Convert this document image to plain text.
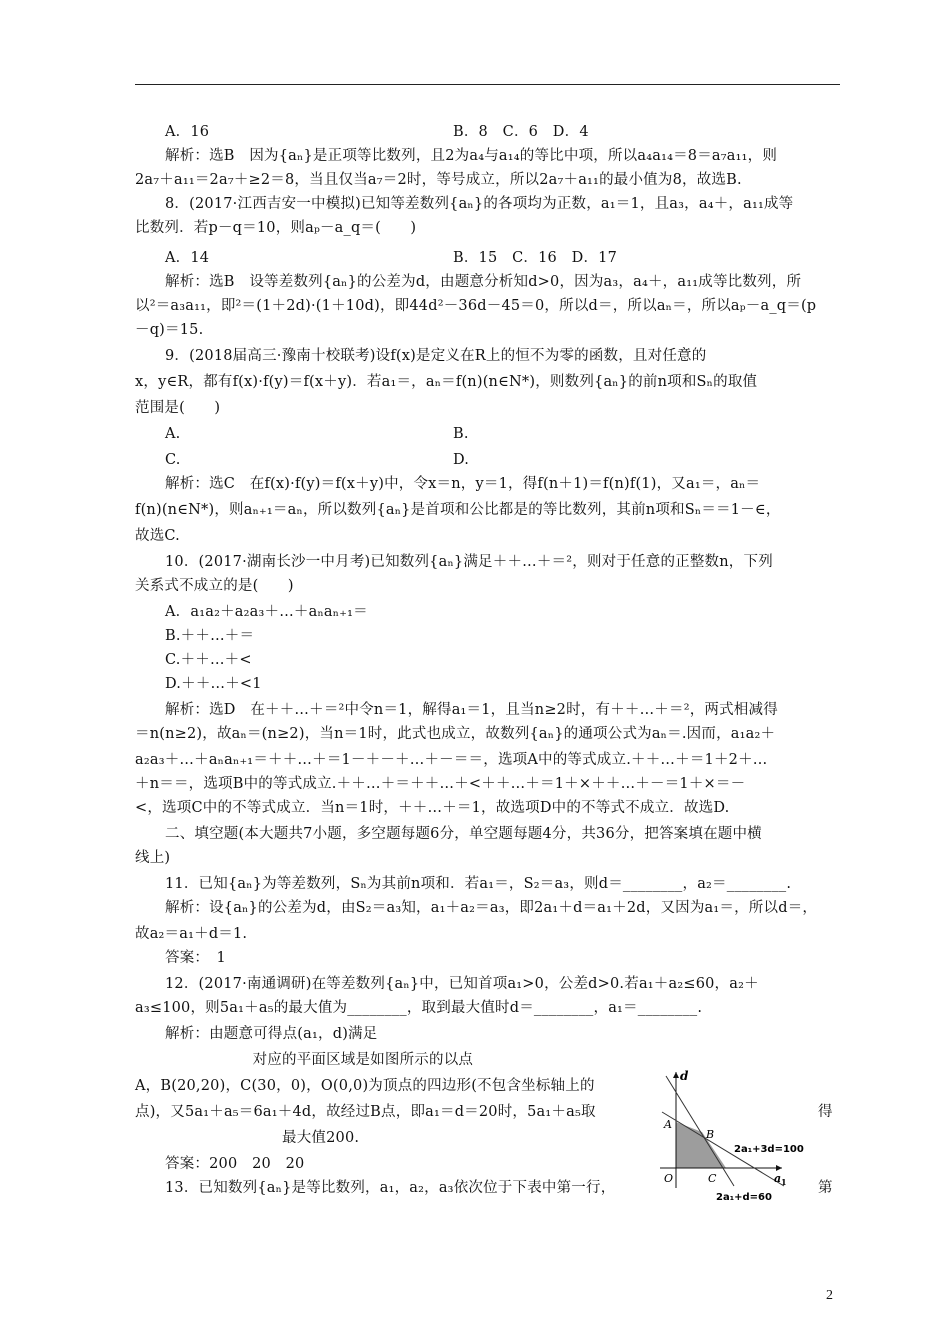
A．16	B．8　C．6　D．4
解析：选B　因为{aₙ}是正项等比数列，且2为a₄与a₁₄的等比中项，所以a₄a₁₄＝8＝a₇a₁₁，则
2a₇＋a₁₁＝2a₇＋≥2＝8，当且仅当a₇＝2时，等号成立，所以2a₇＋a₁₁的最小值为8，故选B.
8．(2017·江西吉安一中模拟)已知等差数列{aₙ}的各项均为正数，a₁＝1，且a₃，a₄＋，a₁₁成等
比数列．若p－q＝10，则aₚ－a_q＝(　　)
A．14	B．15　C．16　D．17
解析：选B　设等差数列{aₙ}的公差为d，由题意分析知d>0，因为a₃，a₄＋，a₁₁成等比数列，所
以²＝a₃a₁₁，即²＝(1＋2d)·(1＋10d)，即44d²－36d－45＝0，所以d＝，所以aₙ＝，所以aₚ－a_q＝(p
－q)＝15.
9．(2018届高三·豫南十校联考)设f(x)是定义在R上的恒不为零的函数，且对任意的
x，y∈R，都有f(x)·f(y)＝f(x＋y)．若a₁＝，aₙ＝f(n)(n∈N*)，则数列{aₙ}的前n项和Sₙ的取值
范围是(　　)
A.	B.
C.	D.
解析：选C　在f(x)·f(y)＝f(x＋y)中，令x＝n，y＝1，得f(n＋1)＝f(n)f(1)，又a₁＝，aₙ＝
f(n)(n∈N*)，则aₙ₊₁＝aₙ，所以数列{aₙ}是首项和公比都是的等比数列，其前n项和Sₙ＝＝1－∈，
故选C.
10．(2017·湖南长沙一中月考)已知数列{aₙ}满足＋＋…＋＝²，则对于任意的正整数n，下列
关系式不成立的是(　　)
A．a₁a₂＋a₂a₃＋…＋aₙaₙ₊₁＝
B.＋＋…＋＝
C.＋＋…＋<
D.＋＋…＋<1
解析：选D　在＋＋…＋＝²中令n＝1，解得a₁＝1，且当n≥2时，有＋＋…＋＝²，两式相减得
＝n(n≥2)，故aₙ＝(n≥2)，当n＝1时，此式也成立，故数列{aₙ}的通项公式为aₙ＝.因而，a₁a₂＋
a₂a₃＋…＋aₙaₙ₊₁＝＋＋…＋＝1－＋－＋…＋－＝＝，选项A中的等式成立.＋＋…＋＝1＋2＋…
＋n＝＝，选项B中的等式成立.＋＋…＋＝＋＋…＋<＋＋…＋＝1＋×＋＋…＋－＝1＋×＝－
<，选项C中的不等式成立．当n＝1时，＋＋…＋＝1，故选项D中的不等式不成立．故选D.
二、填空题(本大题共7小题，多空题每题6分，单空题每题4分，共36分，把答案填在题中横
线上)
11．已知{aₙ}为等差数列，Sₙ为其前n项和．若a₁＝，S₂＝a₃，则d＝________，a₂＝________.
解析：设{aₙ}的公差为d，由S₂＝a₃知，a₁＋a₂＝a₃，即2a₁＋d＝a₁＋2d，又因为a₁＝，所以d＝，
故a₂＝a₁＋d＝1.
答案：　1
12．(2017·南通调研)在等差数列{aₙ}中，已知首项a₁>0，公差d>0.若a₁＋a₂≤60，a₂＋
a₃≤100，则5a₁＋a₅的最大值为________，取到最大值时d＝________，a₁＝________.
解析：由题意可得点(a₁，d)满足
　　　　　　　　对应的平面区域是如图所示的以点
A，B(20,20)，C(30，0)，O(0,0)为顶点的四边形(不包含坐标轴上的
点)，又5a₁＋a₅＝6a₁＋4d，故经过B点，即a₁＝d＝20时，5a₁＋a₅取	得
　　　　　　　　　　最大值200.
答案：200　20　20
13．已知数列{aₙ}是等比数列，a₁，a₂，a₃依次位于下表中第一行，	第
d
a 1
A
B
C
O
2a₁+3d=100
2a₁+d=60
2
